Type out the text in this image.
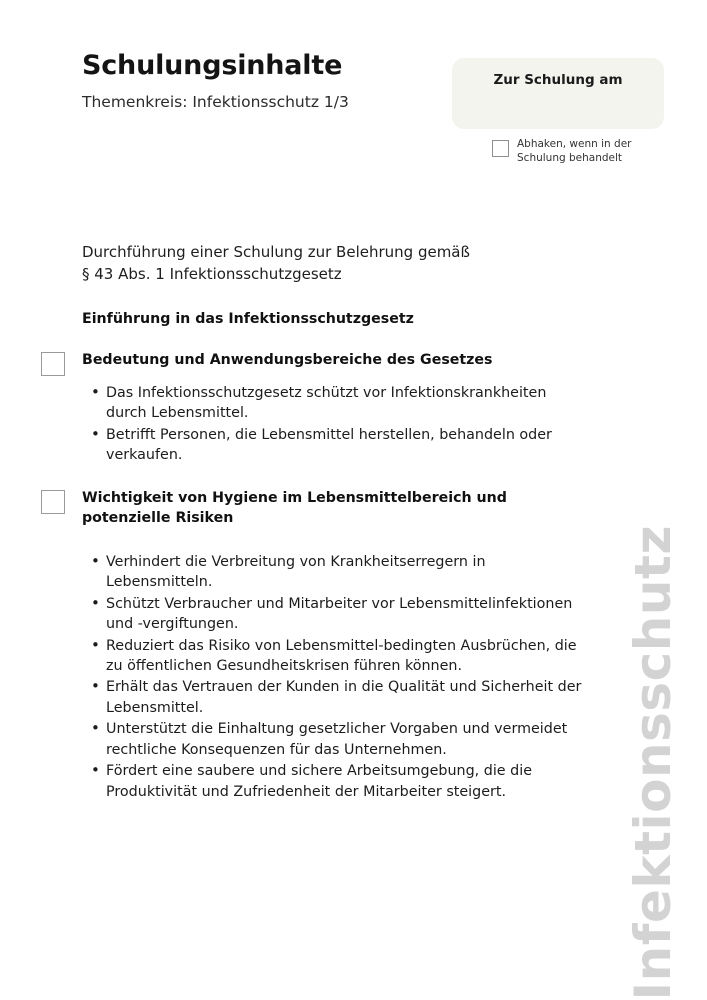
Infektionsschutz
Schulungsinhalte
Themenkreis: Infektionsschutz 1/3
Zur Schulung am
Abhaken, wenn in der Schulung behandelt
Durchführung einer Schulung zur Belehrung gemäß
§ 43 Abs. 1 Infektionsschutzgesetz
Einführung in das Infektionsschutzgesetz
Bedeutung und Anwendungsbereiche des Gesetzes
• Das Infektionsschutzgesetz schützt vor Infektionskrankheiten durch Lebensmittel.
• Betrifft Personen, die Lebensmittel herstellen, behandeln oder verkaufen.
Wichtigkeit von Hygiene im Lebensmittelbereich und potenzielle Risiken
• Verhindert die Verbreitung von Krankheitserregern in Lebensmitteln.
• Schützt Verbraucher und Mitarbeiter vor Lebensmittelinfektionen und -vergiftungen.
• Reduziert das Risiko von Lebensmittel-bedingten Ausbrüchen, die zu öffentlichen Gesundheitskrisen führen können.
• Erhält das Vertrauen der Kunden in die Qualität und Sicherheit der Lebensmittel.
• Unterstützt die Einhaltung gesetzlicher Vorgaben und vermeidet rechtliche Konsequenzen für das Unternehmen.
• Fördert eine saubere und sichere Arbeitsumgebung, die die Produktivität und Zufriedenheit der Mitarbeiter steigert.
